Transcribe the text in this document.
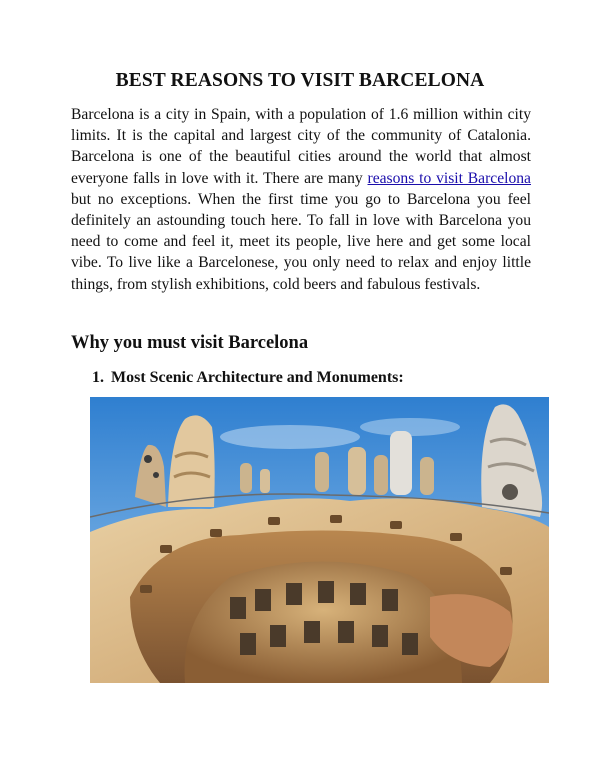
BEST REASONS TO VISIT BARCELONA

Barcelona is a city in Spain, with a population of 1.6 million within city limits. It is the capital and largest city of the community of Catalonia. Barcelona is one of the beautiful cities around the world that almost everyone falls in love with it. There are many reasons to visit Barcelona but no exceptions. When the first time you go to Barcelona you feel definitely an astounding touch here. To fall in love with Barcelona you need to come and feel it, meet its people, live here and get some local vibe. To live like a Barcelonese, you only need to relax and enjoy little things, from stylish exhibitions, cold beers and fabulous festivals.

Why you must visit Barcelona

1. Most Scenic Architecture and Monuments:
